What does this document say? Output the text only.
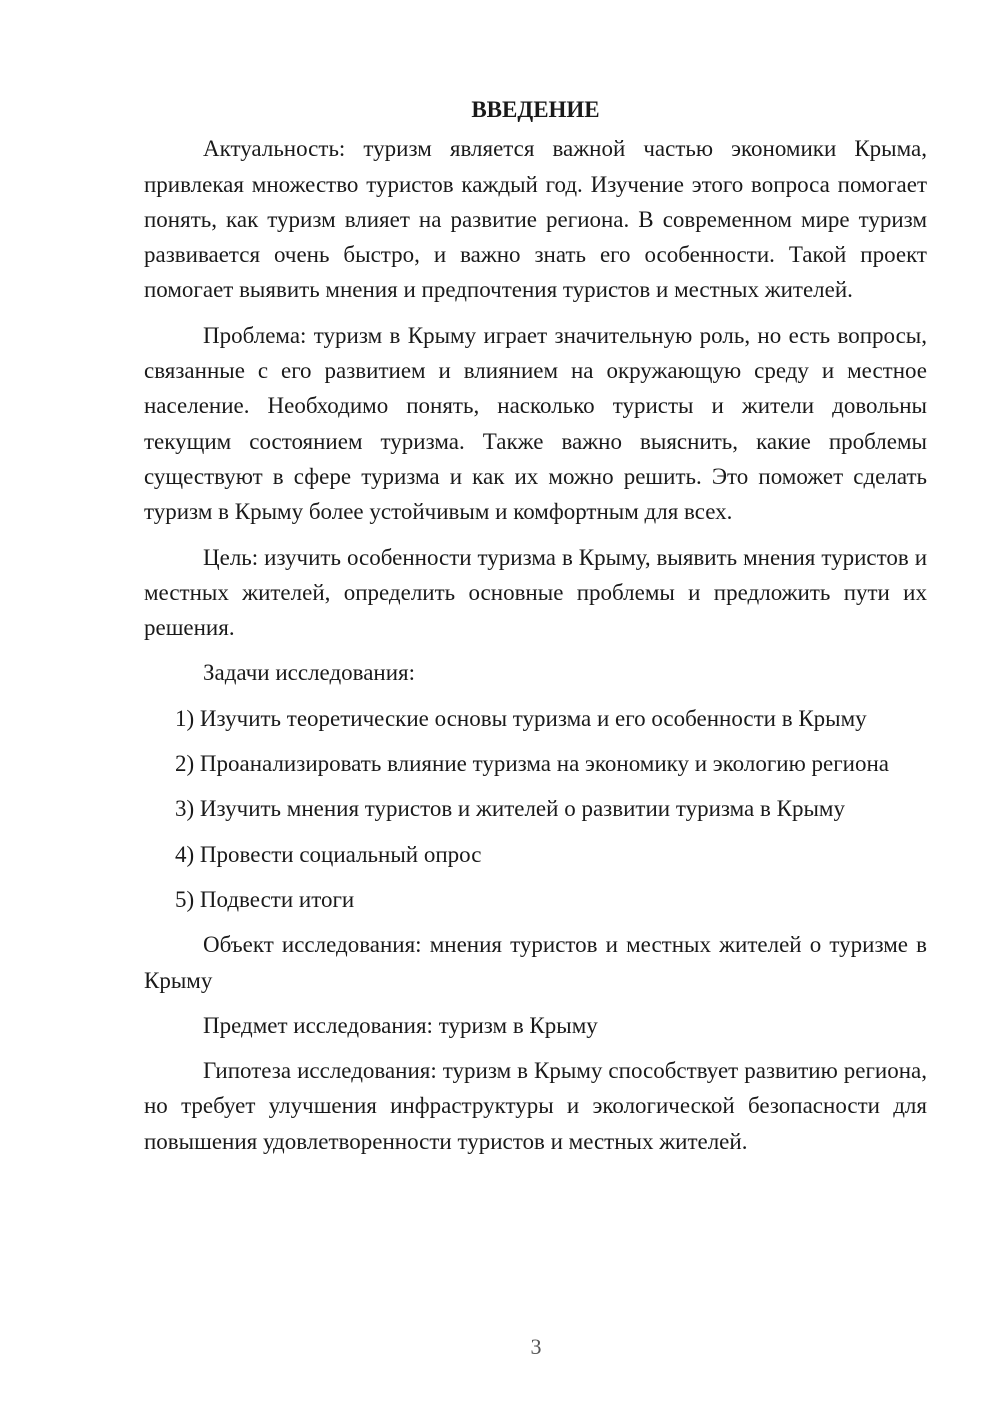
ВВЕДЕНИЕ

Актуальность: туризм является важной частью экономики Крыма, привлекая множество туристов каждый год. Изучение этого вопроса помогает понять, как туризм влияет на развитие региона. В современном мире туризм развивается очень быстро, и важно знать его особенности. Такой проект помогает выявить мнения и предпочтения туристов и местных жителей.

Проблема: туризм в Крыму играет значительную роль, но есть вопросы, связанные с его развитием и влиянием на окружающую среду и местное население. Необходимо понять, насколько туристы и жители довольны текущим состоянием туризма. Также важно выяснить, какие проблемы существуют в сфере туризма и как их можно решить. Это поможет сделать туризм в Крыму более устойчивым и комфортным для всех.

Цель: изучить особенности туризма в Крыму, выявить мнения туристов и местных жителей, определить основные проблемы и предложить пути их решения.

Задачи исследования:

1) Изучить теоретические основы туризма и его особенности в Крыму

2) Проанализировать влияние туризма на экономику и экологию региона

3) Изучить мнения туристов и жителей о развитии туризма в Крыму

4) Провести социальный опрос

5) Подвести итоги

Объект исследования: мнения туристов и местных жителей о туризме в Крыму

Предмет исследования: туризм в Крыму

Гипотеза исследования: туризм в Крыму способствует развитию региона, но требует улучшения инфраструктуры и экологической безопасности для повышения удовлетворенности туристов и местных жителей.

3
